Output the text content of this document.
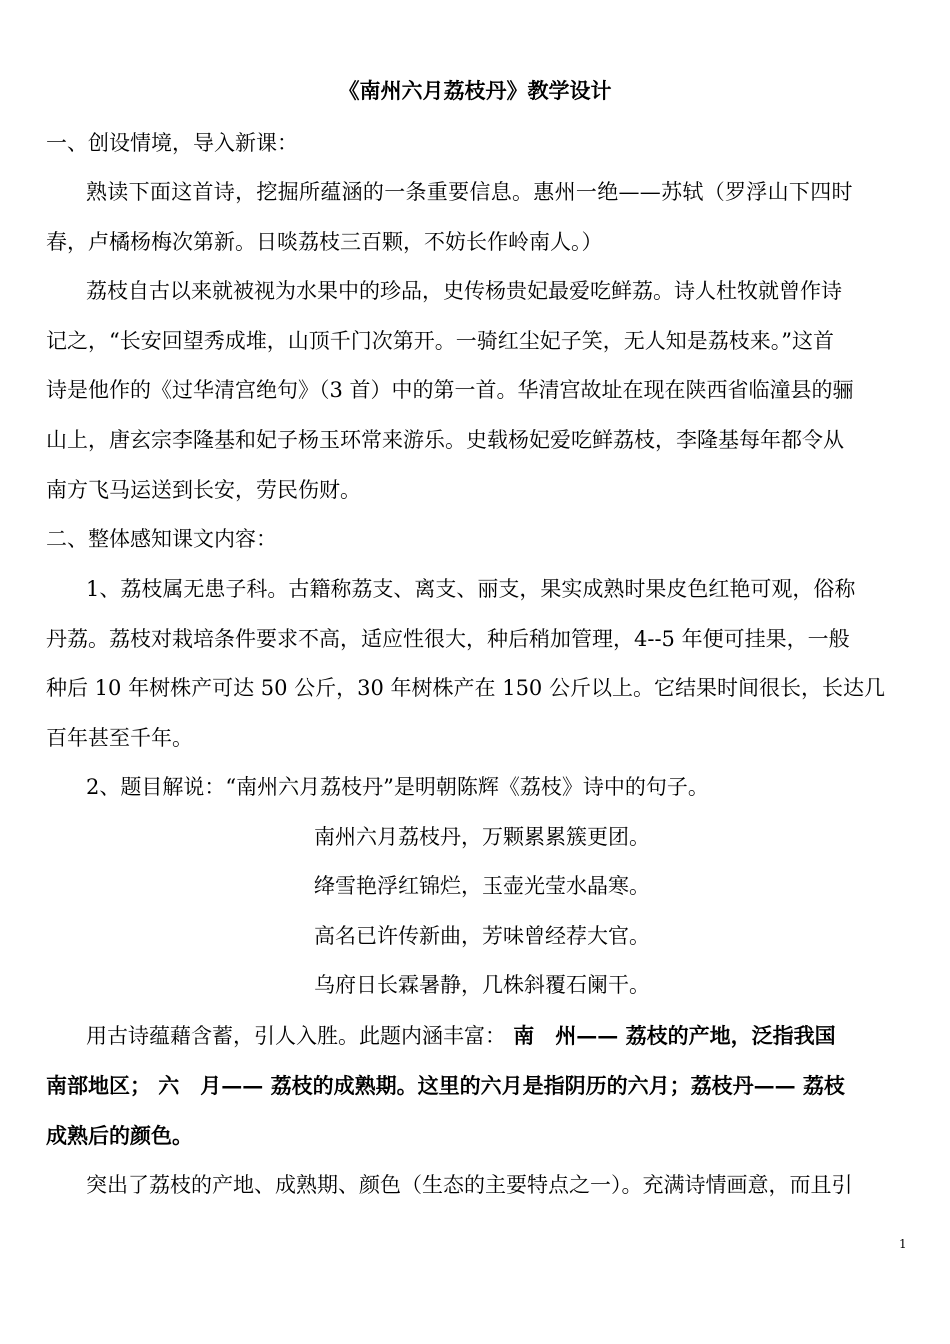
《南州六月荔枝丹》教学设计
一、创设情境，导入新课：
熟读下面这首诗，挖掘所蕴涵的一条重要信息。惠州一绝——苏轼（罗浮山下四时
春，卢橘杨梅次第新。日啖荔枝三百颗，不妨长作岭南人。）
荔枝自古以来就被视为水果中的珍品，史传杨贵妃最爱吃鲜荔。诗人杜牧就曾作诗
记之，“长安回望秀成堆，山顶千门次第开。一骑红尘妃子笑，无人知是荔枝来。”这首
诗是他作的《过华清宫绝句》（3 首）中的第一首。华清宫故址在现在陕西省临潼县的骊
山上，唐玄宗李隆基和妃子杨玉环常来游乐。史载杨妃爱吃鲜荔枝，李隆基每年都令从
南方飞马运送到长安，劳民伤财。
二、整体感知课文内容：
1、荔枝属无患子科。古籍称荔支、离支、丽支，果实成熟时果皮色红艳可观，俗称
丹荔。荔枝对栽培条件要求不高，适应性很大，种后稍加管理，4--5 年便可挂果，一般
种后 10 年树株产可达 50 公斤，30 年树株产在 150 公斤以上。它结果时间很长，长达几
百年甚至千年。
2、题目解说：“南州六月荔枝丹”是明朝陈辉《荔枝》诗中的句子。
南州六月荔枝丹，万颗累累簇更团。
绛雪艳浮红锦烂，玉壶光莹水晶寒。
高名已许传新曲，芳味曾经荐大官。
乌府日长霖暑静，几株斜覆石阑干。
用古诗蕴藉含蓄，引人入胜。此题内涵丰富： 南　州—— 荔枝的产地，泛指我国
南部地区； 六　月—— 荔枝的成熟期。这里的六月是指阴历的六月；荔枝丹—— 荔枝
成熟后的颜色。
突出了荔枝的产地、成熟期、颜色（生态的主要特点之一）。充满诗情画意，而且引
1
